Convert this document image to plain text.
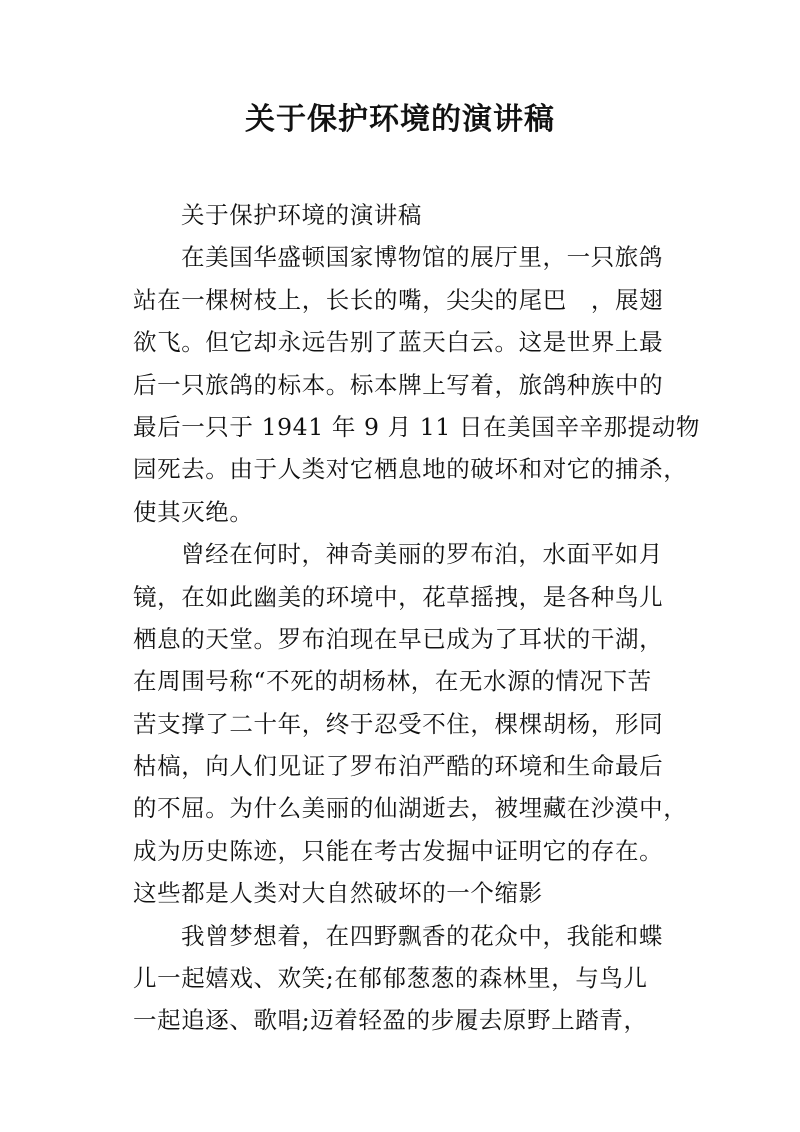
关于保护环境的演讲稿
关于保护环境的演讲稿
在美国华盛顿国家博物馆的展厅里，一只旅鸽
站在一棵树枝上，长长的嘴，尖尖的尾巴　，展翅
欲飞。但它却永远告别了蓝天白云。这是世界上最
后一只旅鸽的标本。标本牌上写着，旅鸽种族中的
最后一只于 1941 年 9 月 11 日在美国辛辛那提动物
园死去。由于人类对它栖息地的破坏和对它的捕杀，
使其灭绝。
曾经在何时，神奇美丽的罗布泊，水面平如月
镜，在如此幽美的环境中，花草摇拽，是各种鸟儿
栖息的天堂。罗布泊现在早已成为了耳状的干湖，
在周围号称“不死的胡杨林，在无水源的情况下苦
苦支撑了二十年，终于忍受不住，棵棵胡杨，形同
枯槁，向人们见证了罗布泊严酷的环境和生命最后
的不屈。为什么美丽的仙湖逝去，被埋藏在沙漠中，
成为历史陈迹，只能在考古发掘中证明它的存在。
这些都是人类对大自然破坏的一个缩影
我曾梦想着，在四野飘香的花众中，我能和蝶
儿一起嬉戏、欢笑;在郁郁葱葱的森林里，与鸟儿
一起追逐、歌唱;迈着轻盈的步履去原野上踏青，
